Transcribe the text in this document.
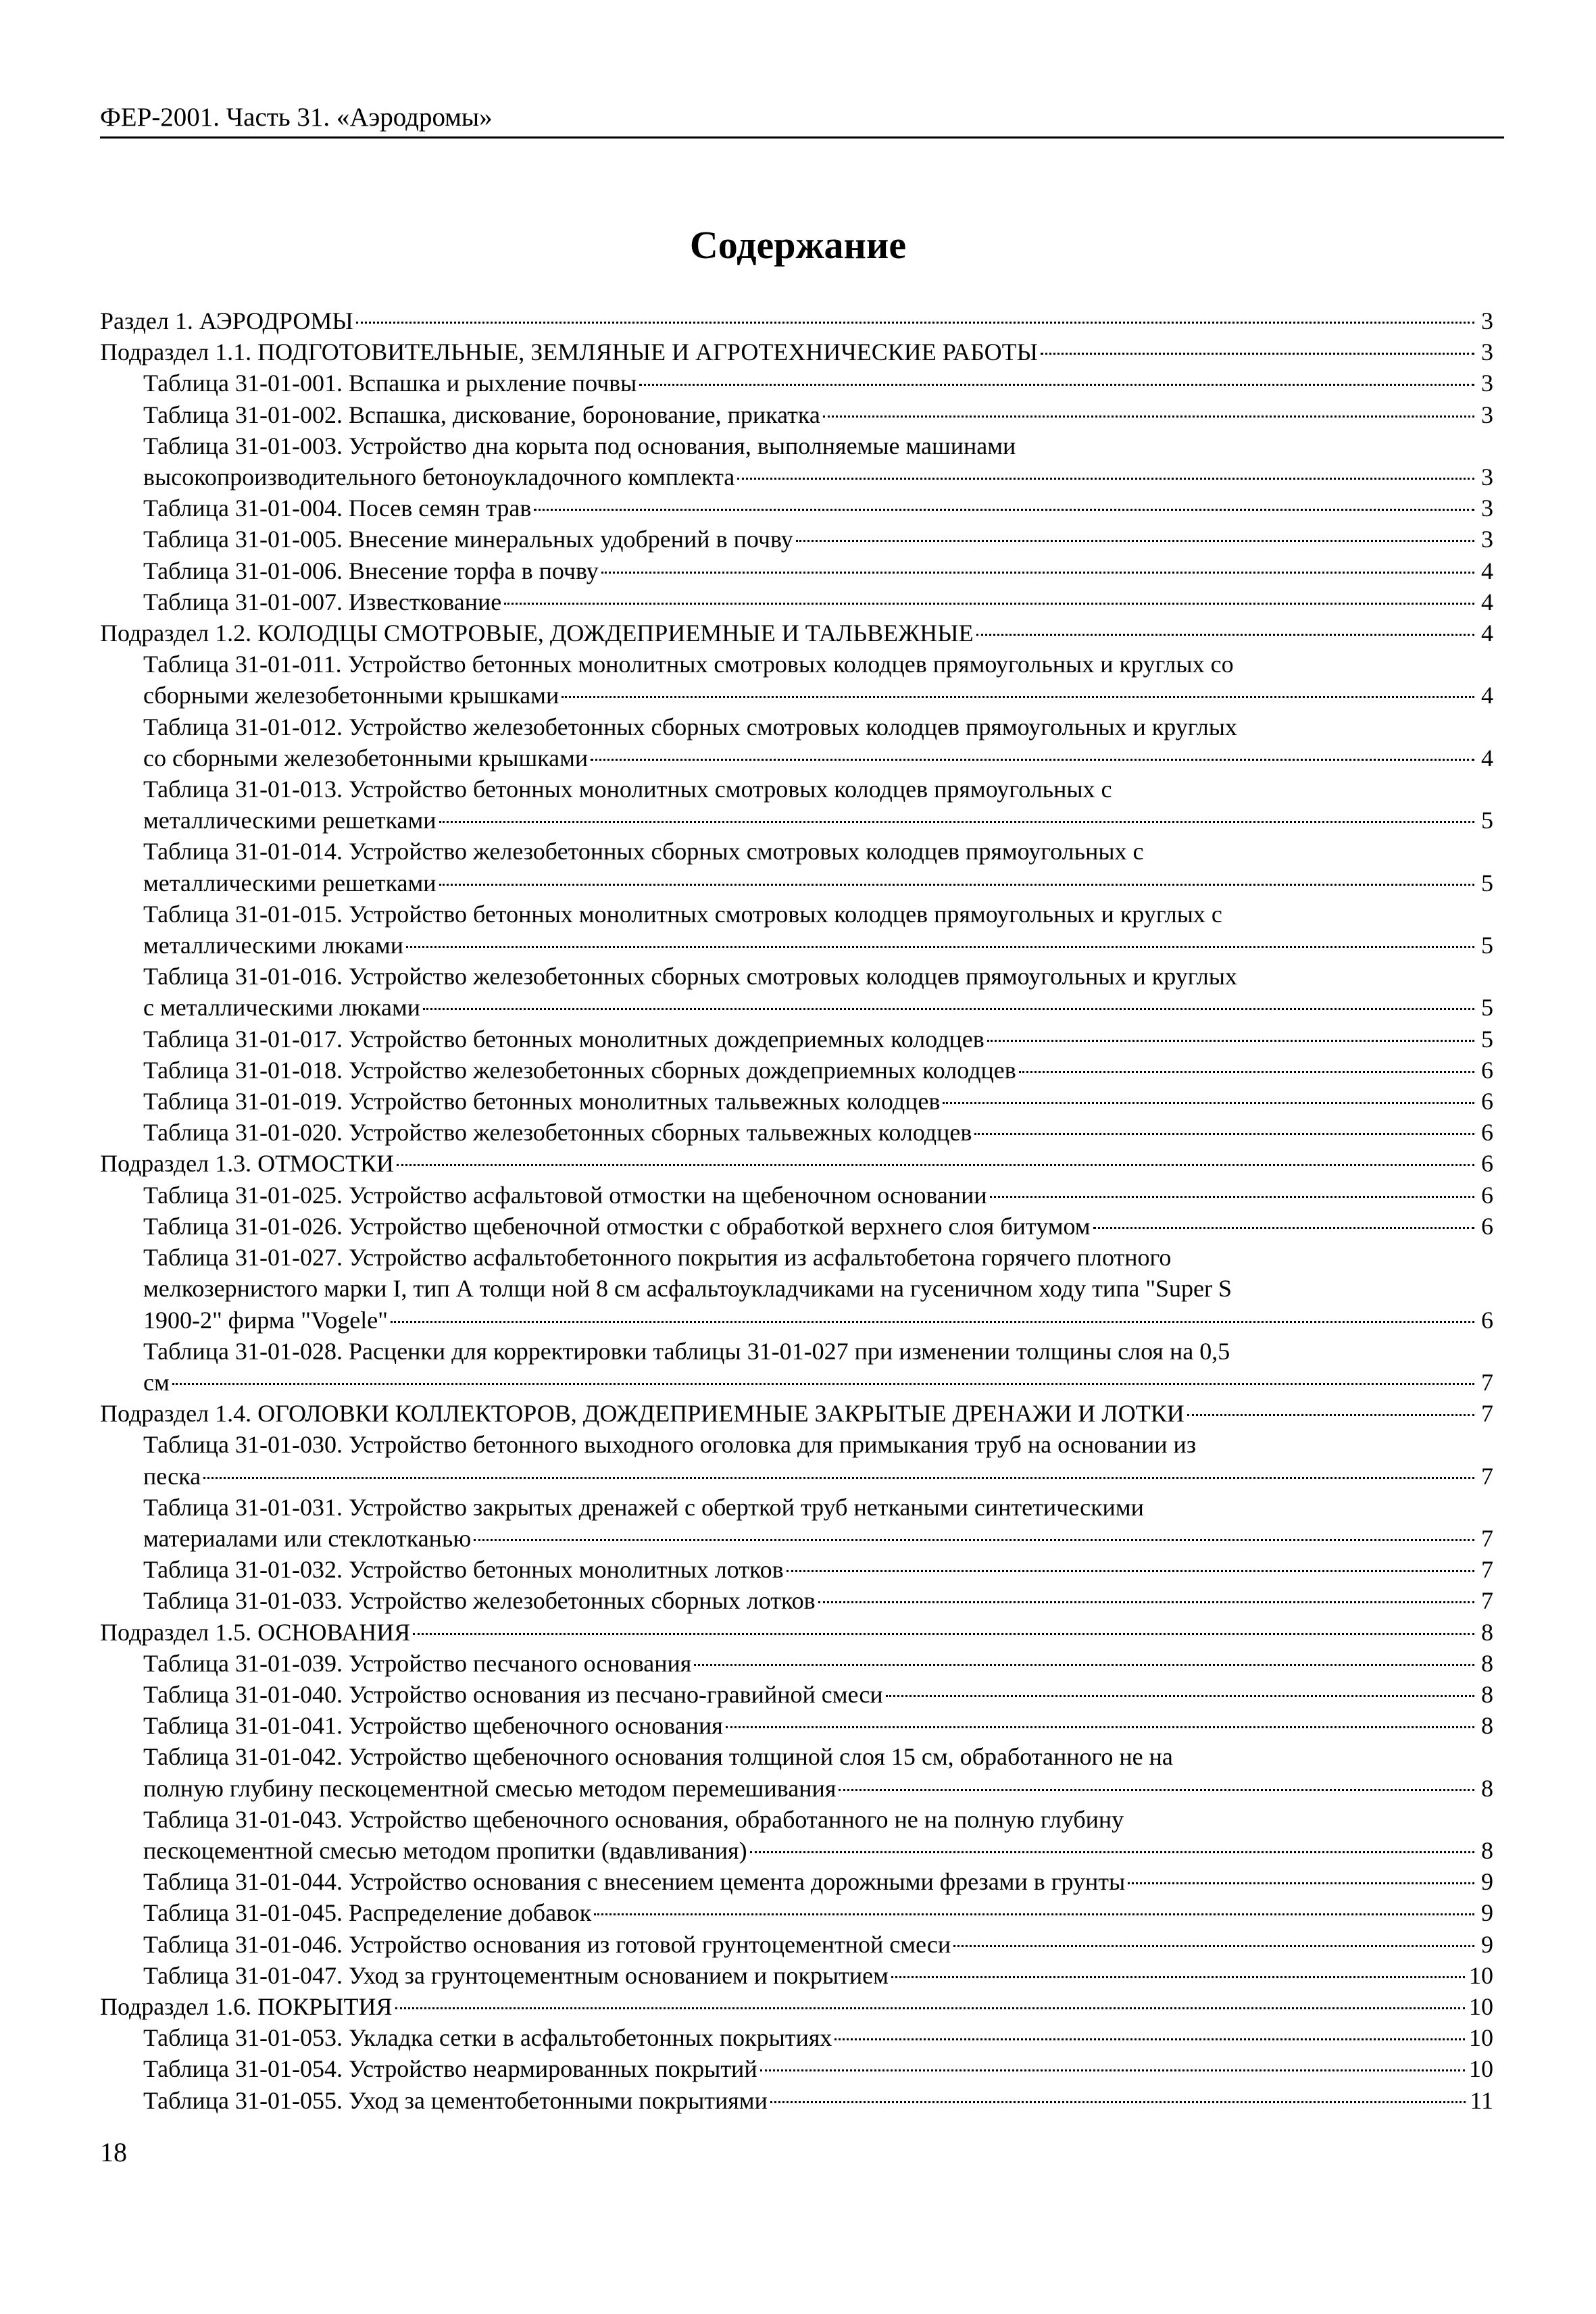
ФЕР-2001. Часть 31. «Аэродромы»
Содержание
Раздел 1. АЭРОДРОМЫ	3
Подраздел 1.1. ПОДГОТОВИТЕЛЬНЫЕ, ЗЕМЛЯНЫЕ И АГРОТЕХНИЧЕСКИЕ РАБОТЫ	3
Таблица 31-01-001. Вспашка и рыхление почвы	3
Таблица 31-01-002. Вспашка, дискование, боронование, прикатка	3
Таблица 31-01-003. Устройство дна корыта под основания, выполняемые машинами
высокопроизводительного бетоноукладочного комплекта	3
Таблица 31-01-004. Посев семян трав	3
Таблица 31-01-005. Внесение минеральных удобрений в почву	3
Таблица 31-01-006. Внесение торфа в почву	4
Таблица 31-01-007. Известкование	4
Подраздел 1.2. КОЛОДЦЫ СМОТРОВЫЕ, ДОЖДЕПРИЕМНЫЕ И ТАЛЬВЕЖНЫЕ	4
Таблица 31-01-011. Устройство бетонных монолитных смотровых колодцев прямоугольных и круглых со
сборными железобетонными крышками	4
Таблица 31-01-012. Устройство железобетонных сборных смотровых колодцев прямоугольных и круглых
со сборными железобетонными крышками	4
Таблица 31-01-013. Устройство бетонных монолитных смотровых колодцев прямоугольных с
металлическими решетками	5
Таблица 31-01-014. Устройство железобетонных сборных смотровых колодцев прямоугольных с
металлическими решетками	5
Таблица 31-01-015. Устройство бетонных монолитных смотровых колодцев прямоугольных и круглых с
металлическими люками	5
Таблица 31-01-016. Устройство железобетонных сборных смотровых колодцев прямоугольных и круглых
с металлическими люками	5
Таблица 31-01-017. Устройство бетонных монолитных дождеприемных колодцев	5
Таблица 31-01-018. Устройство железобетонных сборных дождеприемных колодцев	6
Таблица 31-01-019. Устройство бетонных монолитных тальвежных колодцев	6
Таблица 31-01-020. Устройство железобетонных сборных тальвежных колодцев	6
Подраздел 1.3. ОТМОСТКИ	6
Таблица 31-01-025. Устройство асфальтовой отмостки на щебеночном основании	6
Таблица 31-01-026. Устройство щебеночной отмостки с обработкой верхнего слоя битумом	6
Таблица 31-01-027. Устройство асфальтобетонного покрытия из асфальтобетона горячего плотного
мелкозернистого марки I, тип А толщи ной 8 см асфальтоукладчиками на гусеничном ходу типа "Super S
1900-2" фирма "Vogele"	6
Таблица 31-01-028. Расценки для корректировки таблицы 31-01-027 при изменении толщины слоя на 0,5
см	7
Подраздел 1.4. ОГОЛОВКИ КОЛЛЕКТОРОВ, ДОЖДЕПРИЕМНЫЕ ЗАКРЫТЫЕ ДРЕНАЖИ И ЛОТКИ	7
Таблица 31-01-030. Устройство бетонного выходного оголовка для примыкания труб на основании из
песка	7
Таблица 31-01-031. Устройство закрытых дренажей с оберткой труб неткаными синтетическими
материалами или стеклотканью	7
Таблица 31-01-032. Устройство бетонных монолитных лотков	7
Таблица 31-01-033. Устройство железобетонных сборных лотков	7
Подраздел 1.5. ОСНОВАНИЯ	8
Таблица 31-01-039. Устройство песчаного основания	8
Таблица 31-01-040. Устройство основания из песчано-гравийной смеси	8
Таблица 31-01-041. Устройство щебеночного основания	8
Таблица 31-01-042. Устройство щебеночного основания толщиной слоя 15 см, обработанного не на
полную глубину пескоцементной смесью методом перемешивания	8
Таблица 31-01-043. Устройство щебеночного основания, обработанного не на полную глубину
пескоцементной смесью методом пропитки (вдавливания)	8
Таблица 31-01-044. Устройство основания с внесением цемента дорожными фрезами в грунты	9
Таблица 31-01-045. Распределение добавок	9
Таблица 31-01-046. Устройство основания из готовой грунтоцементной смеси	9
Таблица 31-01-047. Уход за грунтоцементным основанием и покрытием	10
Подраздел 1.6. ПОКРЫТИЯ	10
Таблица 31-01-053. Укладка сетки в асфальтобетонных покрытиях	10
Таблица 31-01-054. Устройство неармированных покрытий	10
Таблица 31-01-055. Уход за цементобетонными покрытиями	11
18
